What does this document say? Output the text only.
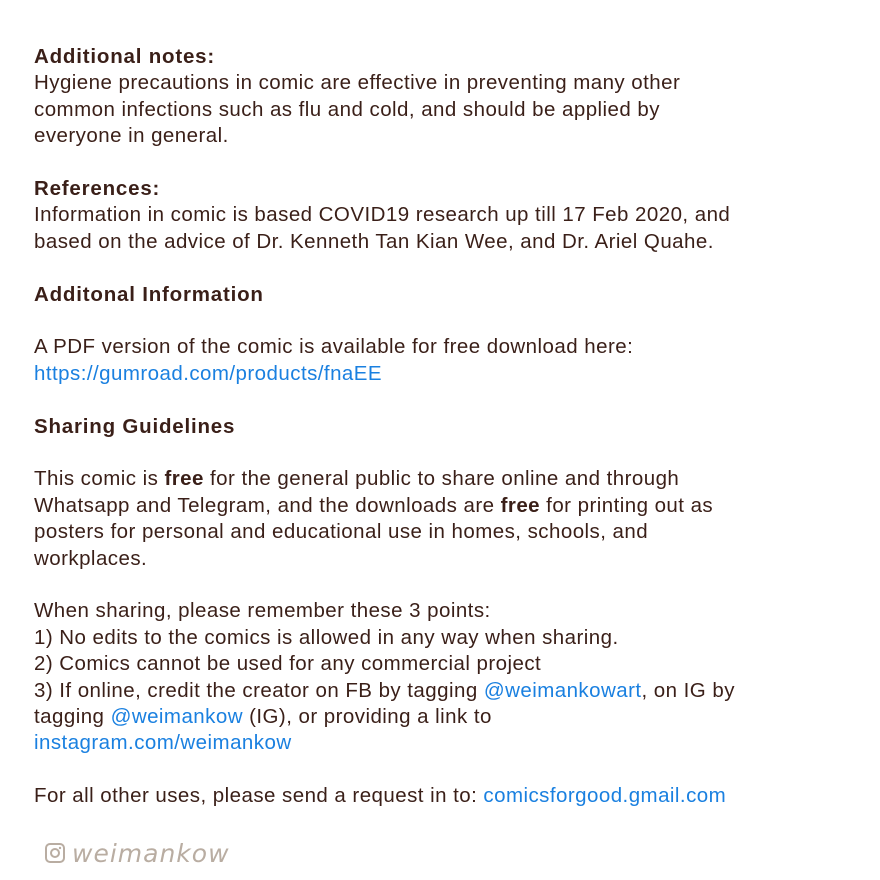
Additional notes:
Hygiene precautions in comic are effective in preventing many other
common infections such as flu and cold, and should be applied by
everyone in general.
References:
Information in comic is based COVID19 research up till 17 Feb 2020, and
based on the advice of Dr. Kenneth Tan Kian Wee, and Dr. Ariel Quahe.
Additonal Information
A PDF version of the comic is available for free download here:
https://gumroad.com/products/fnaEE
Sharing Guidelines
This comic is free for the general public to share online and through
Whatsapp and Telegram, and the downloads are free for printing out as
posters for personal and educational use in homes, schools, and
workplaces.
When sharing, please remember these 3 points:
1) No edits to the comics is allowed in any way when sharing.
2) Comics cannot be used for any commercial project
3) If online, credit the creator on FB by tagging @weimankowart, on IG by
tagging @weimankow (IG), or providing a link to
instagram.com/weimankow
For all other uses, please send a request in to: comicsforgood.gmail.com
weimankow
